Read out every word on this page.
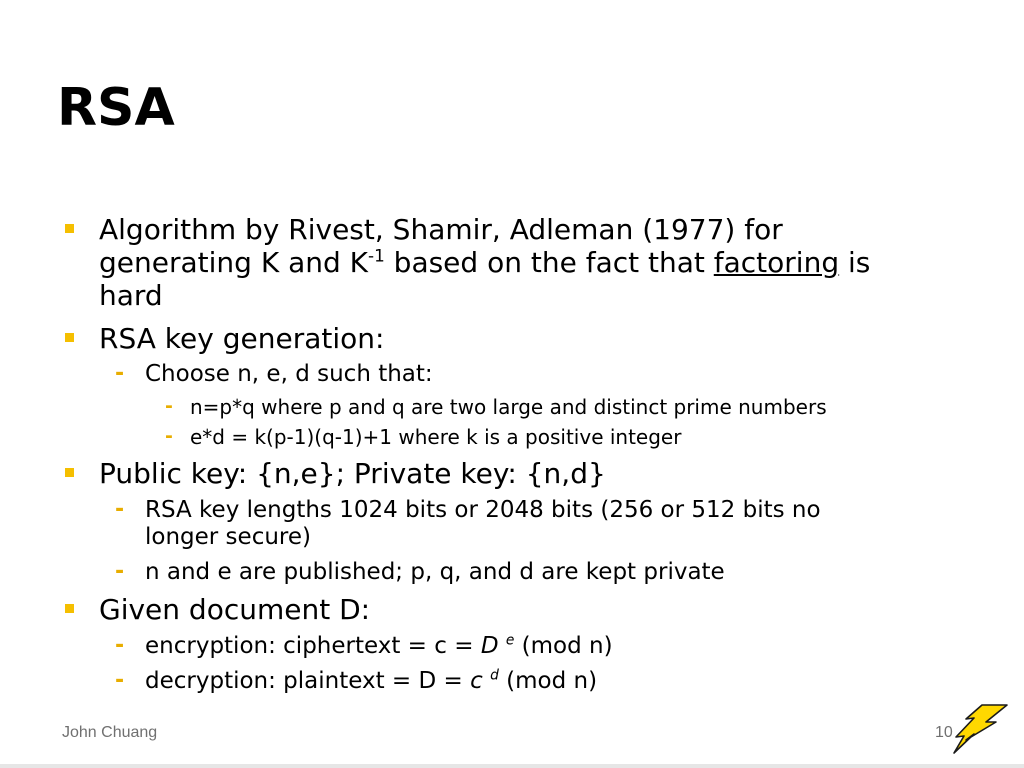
RSA
Algorithm by Rivest, Shamir, Adleman (1977) for
generating K and $K^{-1}$ based on the fact that factoring is
hard
RSA key generation:
- Choose n, e, d such that:
- n=p*q where p and q are two large and distinct prime numbers
- e*d = k(p-1)(q-1)+1 where k is a positive integer
Public key: {n,e}; Private key: {n,d}
- RSA key lengths 1024 bits or 2048 bits (256 or 512 bits no
longer secure)
- n and e are published; p, q, and d are kept private
Given document D:
- encryption: ciphertext = c = D $^e$ (mod n)
- decryption: plaintext = D = c $^d$ (mod n)
John Chuang	10
